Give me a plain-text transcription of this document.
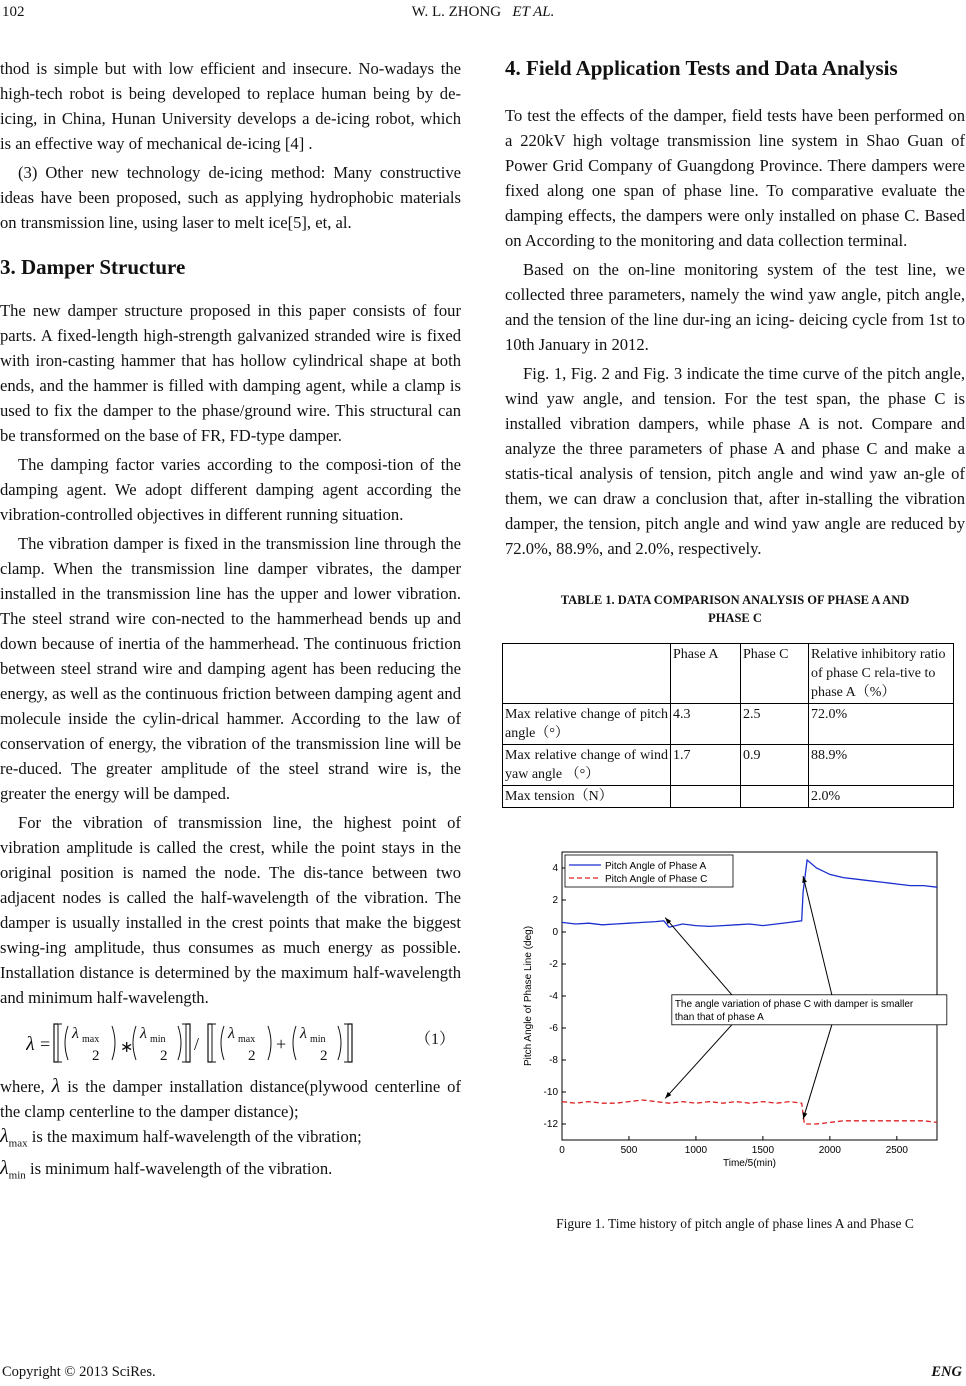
102	W. L. ZHONG ET AL.

thod is simple but with low efficient and insecure. No-wadays the high-tech robot is being developed to replace human being by de-icing, in China, Hunan University develops a de-icing robot, which is an effective way of mechanical de-icing [4] .

(3) Other new technology de-icing method: Many constructive ideas have been proposed, such as applying hydrophobic materials on transmission line, using laser to melt ice[5], et, al.

3. Damper Structure

The new damper structure proposed in this paper consists of four parts. A fixed-length high-strength galvanized stranded wire is fixed with iron-casting hammer that has hollow cylindrical shape at both ends, and the hammer is filled with damping agent, while a clamp is used to fix the damper to the phase/ground wire. This structural can be transformed on the base of FR, FD-type damper.

The damping factor varies according to the composi-tion of the damping agent. We adopt different damping agent according the vibration-controlled objectives in different running situation.

The vibration damper is fixed in the transmission line through the clamp. When the transmission line damper vibrates, the damper installed in the transmission line has the upper and lower vibration. The steel strand wire con-nected to the hammerhead bends up and down because of inertia of the hammerhead. The continuous friction between steel strand wire and damping agent has been reducing the energy, as well as the continuous friction between damping agent and molecule inside the cylin-drical hammer. According to the law of conservation of energy, the vibration of the transmission line will be re-duced. The greater amplitude of the steel strand wire is, the greater the energy will be damped.

For the vibration of transmission line, the highest point of vibration amplitude is called the crest, while the point stays in the original position is named the node. The dis-tance between two adjacent nodes is called the half-wavelength of the vibration. The damper is usually installed in the crest points that make the biggest swing-ing amplitude, thus consumes as much energy as possible. Installation distance is determined by the maximum half-wavelength and minimum half-wavelength.

λ =
λ max
2 ∗
λ min
2
/
λ max
2
+
λ min
2
（1）

where, λ is the damper installation distance(plywood centerline of the clamp centerline to the damper distance);
$\lambda_{max}$ is the maximum half-wavelength of the vibration;
$\lambda_{min}$ is minimum half-wavelength of the vibration.

4. Field Application Tests and Data Analysis

To test the effects of the damper, field tests have been performed on a 220kV high voltage transmission line system in Shao Guan of Power Grid Company of Guangdong Province. There dampers were fixed along one span of phase line. To comparative evaluate the damping effects, the dampers were only installed on phase C. Based on According to the monitoring and data collection terminal.

Based on the on-line monitoring system of the test line, we collected three parameters, namely the wind yaw angle, pitch angle, and the tension of the line dur-ing an icing- deicing cycle from 1st to 10th January in 2012.

Fig. 1, Fig. 2 and Fig. 3 indicate the time curve of the pitch angle, wind yaw angle, and tension. For the test span, the phase C is installed vibration dampers, while phase A is not. Compare and analyze the three parameters of phase A and phase C and make a statis-tical analysis of tension, pitch angle and wind yaw an-gle of them, we can draw a conclusion that, after in-stalling the vibration damper, the tension, pitch angle and wind yaw angle are reduced by 72.0%, 88.9%, and 2.0%, respectively.

TABLE 1. DATA COMPARISON ANALYSIS OF PHASE A AND
PHASE C
	Phase A	Phase C	Relative inhibitory ratio of phase C rela-tive to phase A（%）
Max relative change of pitch angle（°）	4.3	2.5	72.0%
Max relative change of wind yaw angle （°）	1.7	0.9	88.9%
Max tension（N）			2.0%
0	500	1000	1500	2000	2500
4
2
0
-2
-4
-6
-8
-10
-12
Time/5(min)
Pitch Angle of Phase Line (deg)
Pitch Angle of Phase A
Pitch Angle of Phase C
The angle variation of phase C with damper is smaller
than that of phase A
Figure 1. Time history of pitch angle of phase lines A and Phase C
Copyright © 2013 SciRes.	ENG
